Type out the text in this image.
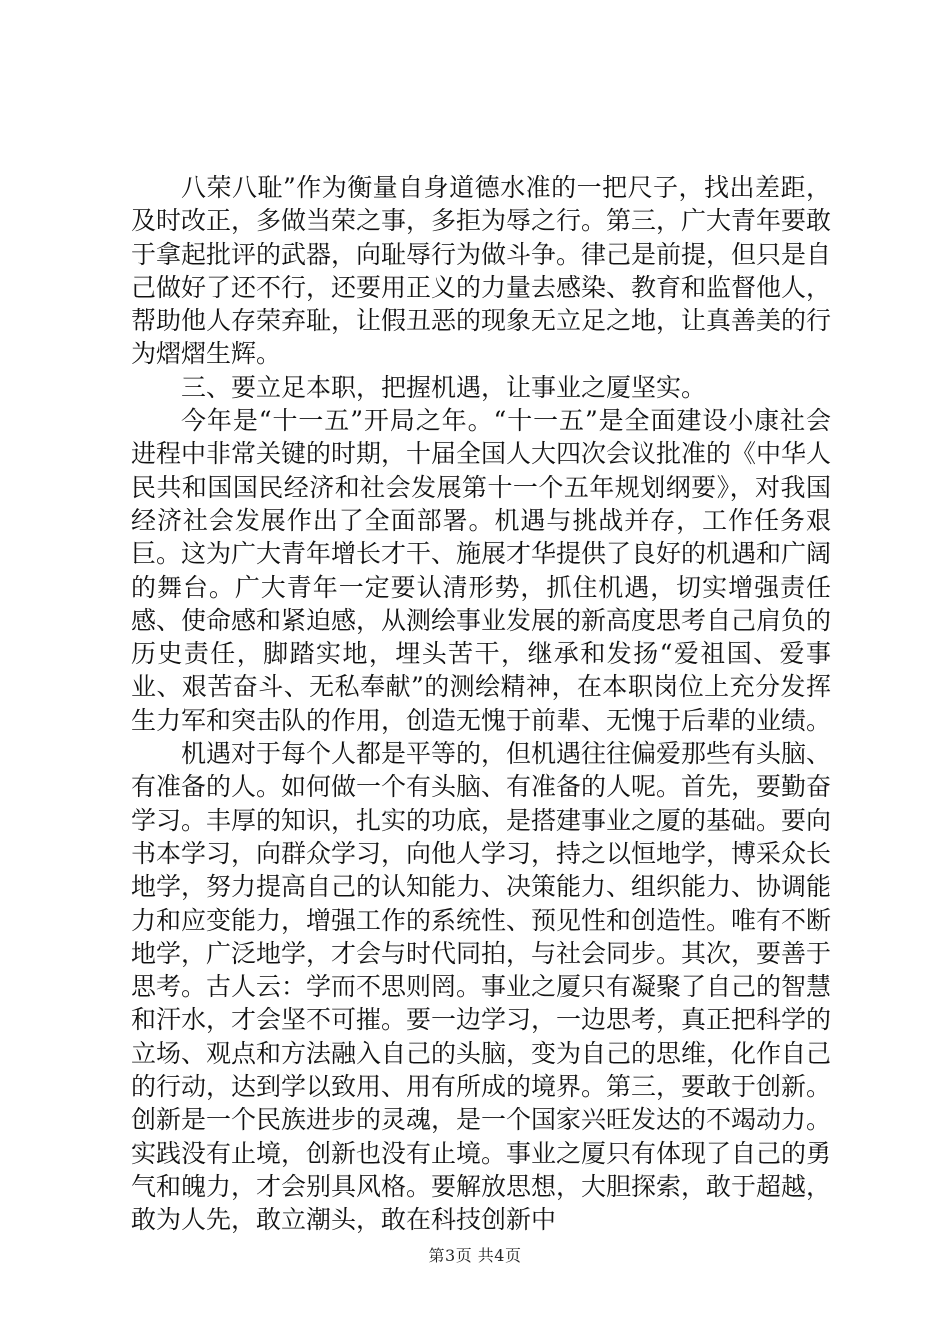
八荣八耻”作为衡量自身道德水准的一把尺子，找出差距，及时改正，多做当荣之事，多拒为辱之行。第三，广大青年要敢于拿起批评的武器，向耻辱行为做斗争。律己是前提，但只是自己做好了还不行，还要用正义的力量去感染、教育和监督他人，帮助他人存荣弃耻，让假丑恶的现象无立足之地，让真善美的行为熠熠生辉。

三、要立足本职，把握机遇，让事业之厦坚实。

今年是“十一五”开局之年。“十一五”是全面建设小康社会进程中非常关键的时期，十届全国人大四次会议批准的《中华人民共和国国民经济和社会发展第十一个五年规划纲要》，对我国经济社会发展作出了全面部署。机遇与挑战并存，工作任务艰巨。这为广大青年增长才干、施展才华提供了良好的机遇和广阔的舞台。广大青年一定要认清形势，抓住机遇，切实增强责任感、使命感和紧迫感，从测绘事业发展的新高度思考自己肩负的历史责任，脚踏实地，埋头苦干，继承和发扬“爱祖国、爱事业、艰苦奋斗、无私奉献”的测绘精神，在本职岗位上充分发挥生力军和突击队的作用，创造无愧于前辈、无愧于后辈的业绩。

机遇对于每个人都是平等的，但机遇往往偏爱那些有头脑、有准备的人。如何做一个有头脑、有准备的人呢。首先，要勤奋学习。丰厚的知识，扎实的功底，是搭建事业之厦的基础。要向书本学习，向群众学习，向他人学习，持之以恒地学，博采众长地学，努力提高自己的认知能力、决策能力、组织能力、协调能力和应变能力，增强工作的系统性、预见性和创造性。唯有不断地学，广泛地学，才会与时代同拍，与社会同步。其次，要善于思考。古人云：学而不思则罔。事业之厦只有凝聚了自己的智慧和汗水，才会坚不可摧。要一边学习，一边思考，真正把科学的立场、观点和方法融入自己的头脑，变为自己的思维，化作自己的行动，达到学以致用、用有所成的境界。第三，要敢于创新。创新是一个民族进步的灵魂，是一个国家兴旺发达的不竭动力。实践没有止境，创新也没有止境。事业之厦只有体现了自己的勇气和魄力，才会别具风格。要解放思想，大胆探索，敢于超越，敢为人先，敢立潮头，敢在科技创新中

第3页 共4页
